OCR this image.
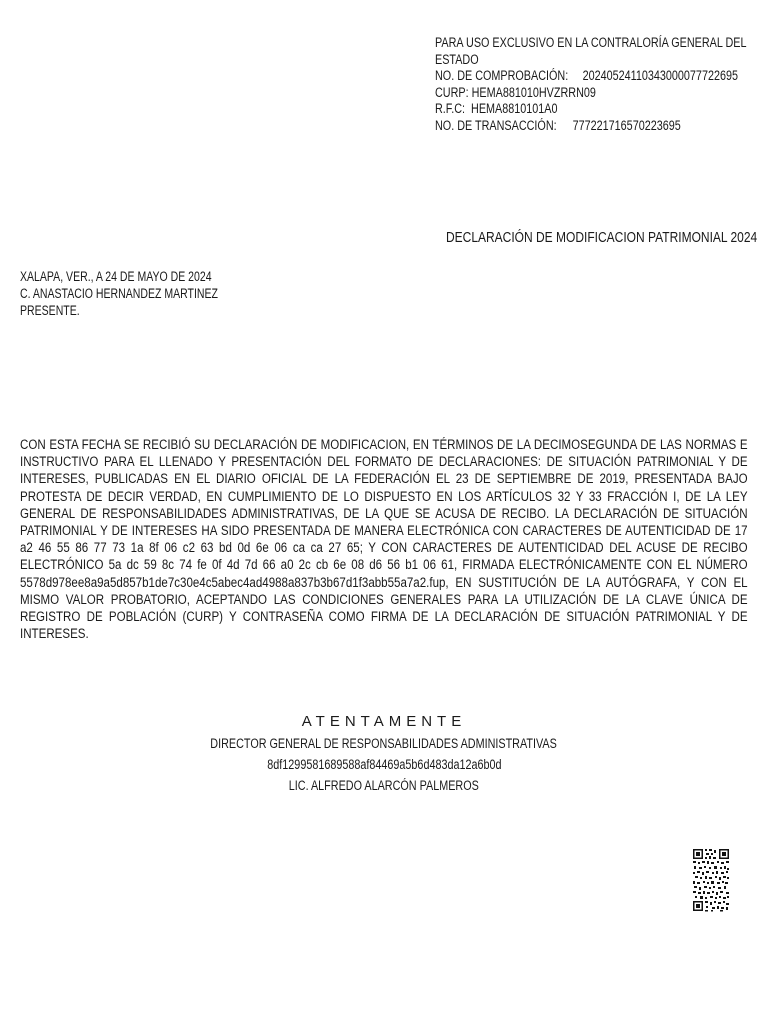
PARA USO EXCLUSIVO EN LA CONTRALORÍA GENERAL DEL
ESTADO
NO. DE COMPROBACIÓN: 20240524110343000077722695
CURP: HEMA881010HVZRRN09
R.F.C: HEMA8810101A0
NO. DE TRANSACCIÓN: 777221716570223695
DECLARACIÓN DE MODIFICACION PATRIMONIAL 2024
XALAPA, VER., A 24 DE MAYO DE 2024
C. ANASTACIO HERNANDEZ MARTINEZ
PRESENTE.
CON ESTA FECHA SE RECIBIÓ SU DECLARACIÓN DE MODIFICACION, EN TÉRMINOS DE LA DECIMOSEGUNDA DE LAS NORMAS E INSTRUCTIVO PARA EL LLENADO Y PRESENTACIÓN DEL FORMATO DE DECLARACIONES: DE SITUACIÓN PATRIMONIAL Y DE INTERESES, PUBLICADAS EN EL DIARIO OFICIAL DE LA FEDERACIÓN EL 23 DE SEPTIEMBRE DE 2019, PRESENTADA BAJO PROTESTA DE DECIR VERDAD, EN CUMPLIMIENTO DE LO DISPUESTO EN LOS ARTÍCULOS 32 Y 33 FRACCIÓN I, DE LA LEY GENERAL DE RESPONSABILIDADES ADMINISTRATIVAS, DE LA QUE SE ACUSA DE RECIBO. LA DECLARACIÓN DE SITUACIÓN PATRIMONIAL Y DE INTERESES HA SIDO PRESENTADA DE MANERA ELECTRÓNICA CON CARACTERES DE AUTENTICIDAD DE 17 a2 46 55 86 77 73 1a 8f 06 c2 63 bd 0d 6e 06 ca ca 27 65; Y CON CARACTERES DE AUTENTICIDAD DEL ACUSE DE RECIBO ELECTRÓNICO 5a dc 59 8c 74 fe 0f 4d 7d 66 a0 2c cb 6e 08 d6 56 b1 06 61, FIRMADA ELECTRÓNICAMENTE CON EL NÚMERO 5578d978ee8a9a5d857b1de7c30e4c5abec4ad4988a837b3b67d1f3abb55a7a2.fup, EN SUSTITUCIÓN DE LA AUTÓGRAFA, Y CON EL MISMO VALOR PROBATORIO, ACEPTANDO LAS CONDICIONES GENERALES PARA LA UTILIZACIÓN DE LA CLAVE ÚNICA DE REGISTRO DE POBLACIÓN (CURP) Y CONTRASEÑA COMO FIRMA DE LA DECLARACIÓN DE SITUACIÓN PATRIMONIAL Y DE INTERESES.
ATENTAMENTE
DIRECTOR GENERAL DE RESPONSABILIDADES ADMINISTRATIVAS
8df1299581689588af84469a5b6d483da12a6b0d
LIC. ALFREDO ALARCÓN PALMEROS
